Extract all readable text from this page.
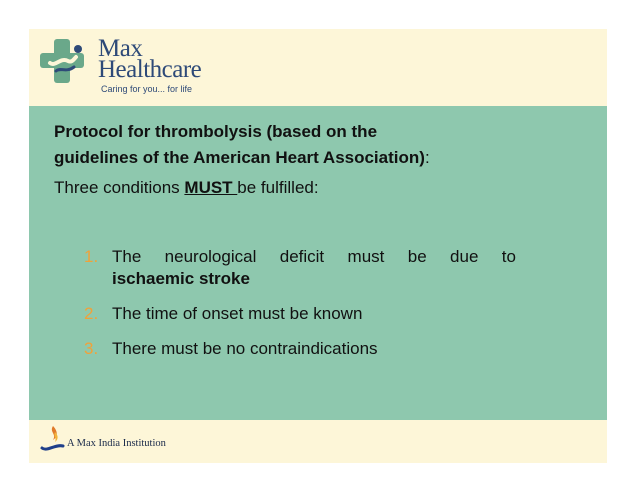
Max
Healthcare
Caring for you... for life
A Max India Institution
Protocol for thrombolysis (based on the
guidelines of the American Heart Association):
Three conditions MUST be fulfilled:
1. The neurological deficit must be due to
ischaemic stroke
2. The time of onset must be known
3. There must be no contraindications
